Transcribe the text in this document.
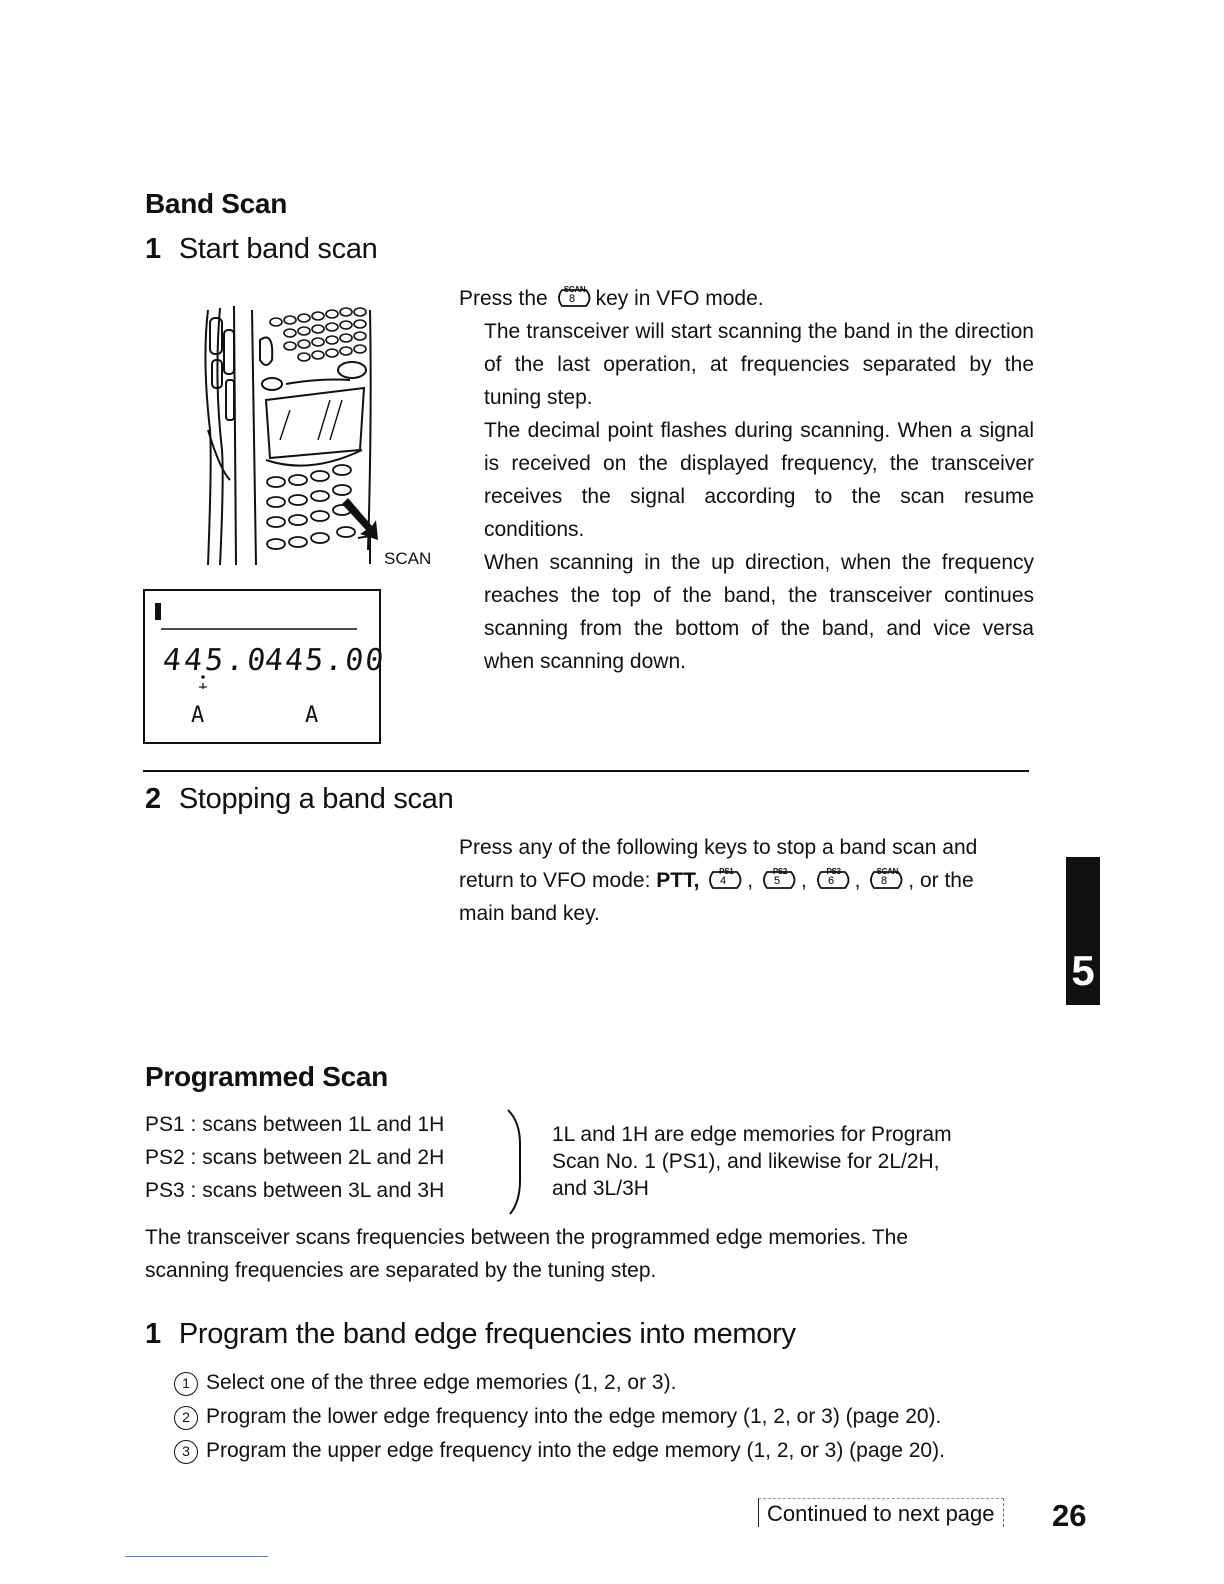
Band Scan
1 Start band scan
SCAN
445.0
445.00
A	A

Press the	SCAN
8 key in VFO mode.

The transceiver will start scanning the band in the direction of the last operation, at frequencies separated by the tuning step.

The decimal point flashes during scanning. When a signal is received on the displayed frequency, the transceiver receives the signal according to the scan resume conditions.

When scanning in the up direction, when the frequency reaches the top of the band, the transceiver continues scanning from the bottom of the band, and vice versa when scanning down.

2 Stopping a band scan

Press any of the following keys to stop a band scan and

return to VFO mode: PTT,	PS1
4 ,	PS2
5 ,	PS3
6 ,	SCAN
8 , or the

main band key.

5
Programmed Scan
PS1 : scans between 1L and 1H
PS2 : scans between 2L and 2H
PS3 : scans between 3L and 3H
1L and 1H are edge memories for Program
Scan No. 1 (PS1), and likewise for 2L/2H,
and 3L/3H

The transceiver scans frequencies between the programmed edge memories. The

scanning frequencies are separated by the tuning step.

1 Program the band edge frequencies into memory
1 Select one of the three edge memories (1, 2, or 3).
2 Program the lower edge frequency into the edge memory (1, 2, or 3) (page 20).
3 Program the upper edge frequency into the edge memory (1, 2, or 3) (page 20).
Continued to next page 26
